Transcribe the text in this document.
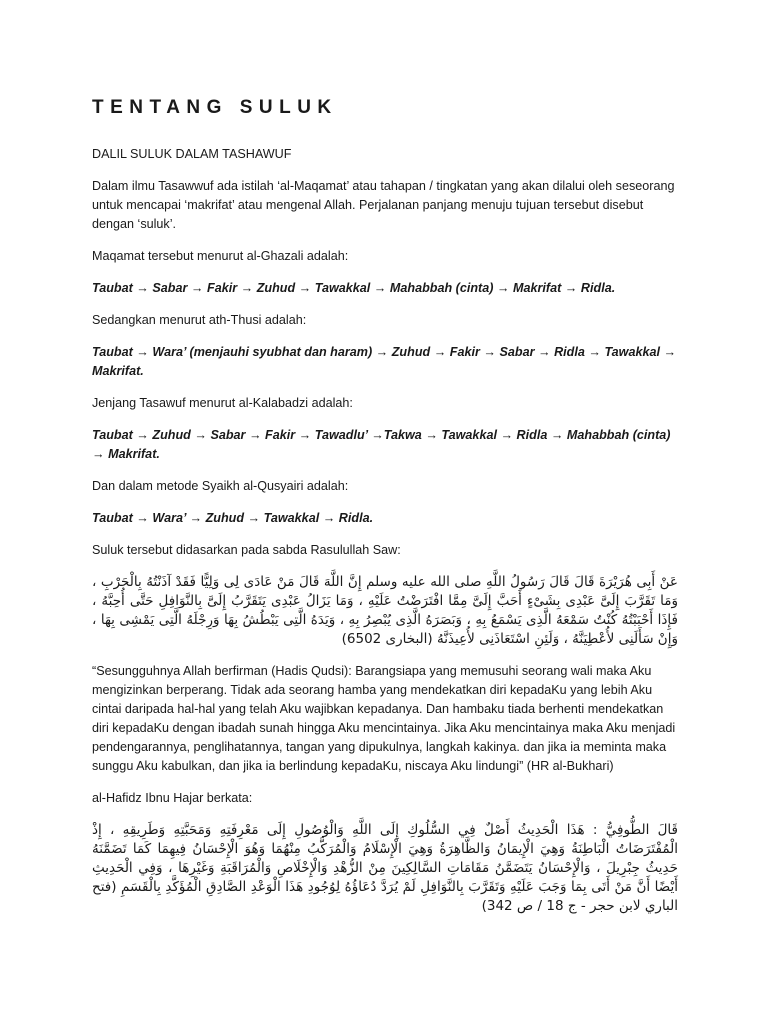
TENTANG SULUK

DALIL SULUK DALAM TASHAWUF

Dalam ilmu Tasawwuf ada istilah ‘al-Maqamat’ atau tahapan / tingkatan yang akan dilalui oleh seseorang untuk mencapai ‘makrifat’ atau mengenal Allah. Perjalanan panjang menuju tujuan tersebut disebut dengan ‘suluk’.

Maqamat tersebut menurut al-Ghazali adalah:

Taubat → Sabar → Fakir → Zuhud → Tawakkal → Mahabbah (cinta) → Makrifat → Ridla.

Sedangkan menurut ath-Thusi adalah:

Taubat → Wara’ (menjauhi syubhat dan haram) → Zuhud → Fakir → Sabar → Ridla → Tawakkal → Makrifat.

Jenjang Tasawuf menurut al-Kalabadzi adalah:

Taubat → Zuhud → Sabar → Fakir → Tawadlu’ →Takwa → Tawakkal → Ridla → Mahabbah (cinta) → Makrifat.

Dan dalam metode Syaikh al-Qusyairi adalah:

Taubat → Wara’ → Zuhud → Tawakkal → Ridla.

Suluk tersebut didasarkan pada sabda Rasulullah Saw:

عَنْ أَبِى هُرَيْرَةَ قَالَ قَالَ رَسُولُ اللَّهِ صلى الله عليه وسلم إِنَّ اللَّهَ قَالَ مَنْ عَادَى لِى وَلِيًّا فَقَدْ آذَنْتُهُ بِالْحَرْبِ ، وَمَا تَقَرَّبَ إِلَىَّ عَبْدِى بِشَىْءٍ أَحَبَّ إِلَىَّ مِمَّا افْتَرَضْتُ عَلَيْهِ ، وَمَا يَزَالُ عَبْدِى يَتَقَرَّبُ إِلَىَّ بِالنَّوَافِلِ حَتَّى أُحِبَّهُ ، فَإِذَا أَحْبَبْتُهُ كُنْتُ سَمْعَهُ الَّذِى يَسْمَعُ بِهِ ، وَبَصَرَهُ الَّذِى يُبْصِرُ بِهِ ، وَيَدَهُ الَّتِى يَبْطُشُ بِهَا وَرِجْلَهُ الَّتِى يَمْشِى بِهَا ، وَإِنْ سَأَلَنِى لأُعْطِيَنَّهُ ، وَلَئِنِ اسْتَعَاذَنِى لأُعِيذَنَّهُ (البخارى 6502)

“Sesungguhnya Allah berfirman (Hadis Qudsi): Barangsiapa yang memusuhi seorang wali maka Aku mengizinkan berperang. Tidak ada seorang hamba yang mendekatkan diri kepadaKu yang lebih Aku cintai daripada hal-hal yang telah Aku wajibkan kepadanya. Dan hambaku tiada berhenti mendekatkan diri kepadaKu dengan ibadah sunah hingga Aku mencintainya. Jika Aku mencintainya maka Aku menjadi pendengarannya, penglihatannya, tangan yang dipukulnya, langkah kakinya. dan jika ia meminta maka sunggu Aku kabulkan, dan jika ia berlindung kepadaKu, niscaya Aku lindungi” (HR al-Bukhari)

al-Hafidz Ibnu Hajar berkata:

قَالَ الطُّوفِيُّ : هَذَا الْحَدِيثُ أَصْلٌ فِي السُّلُوكِ إِلَى اللَّهِ وَالْوُصُولِ إِلَى مَعْرِفَتِهِ وَمَحَبَّتِهِ وَطَرِيقِهِ ، إِذْ الْمُفْتَرَضَاتُ الْبَاطِنَةُ وَهِيَ الْإِيمَانُ وَالظَّاهِرَةُ وَهِيَ الْإِسْلَامُ وَالْمُرَكَّبُ مِنْهُمَا وَهُوَ الْإِحْسَانُ فِيهِمَا كَمَا تَضَمَّنَهُ حَدِيثُ جِبْرِيلَ ، وَالْإِحْسَانُ يَتَضَمَّنُ مَقَامَاتِ السَّالِكِينَ مِنْ الزُّهْدِ وَالْإِخْلَاصِ وَالْمُرَاقَبَةِ وَغَيْرِهَا ، وَفِي الْحَدِيثِ أَيْضًا أَنَّ مَنْ أَتَى بِمَا وَجَبَ عَلَيْهِ وَتَقَرَّبَ بِالنَّوَافِلِ لَمْ يُرَدَّ دُعَاؤُهُ لِوُجُودِ هَذَا الْوَعْدِ الصَّادِقِ الْمُؤَكَّدِ بِالْقَسَمِ (فتح الباري لابن حجر - ج 18 / ص 342)
